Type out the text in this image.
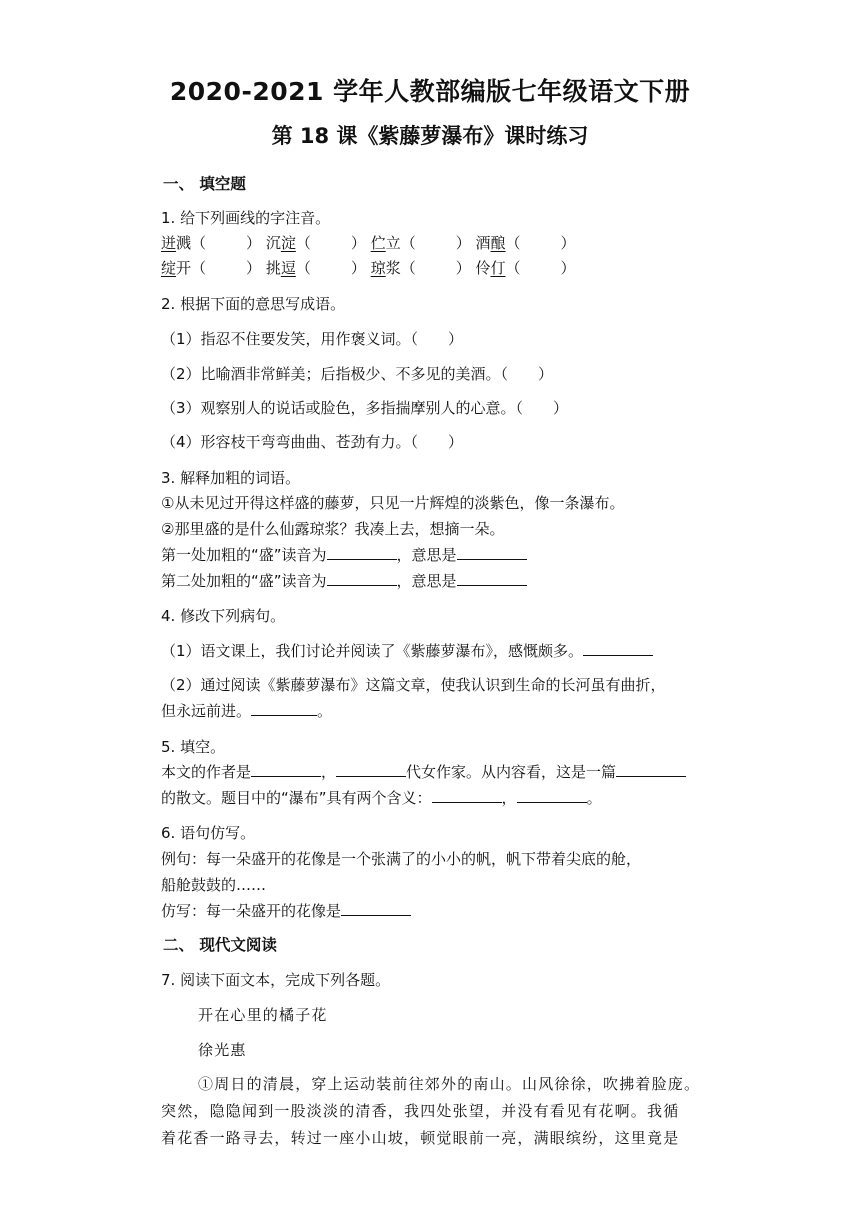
2020-2021 学年人教部编版七年级语文下册
第 18 课《紫藤萝瀑布》课时练习
一、 填空题
1. 给下列画线的字注音。
迸溅（	） 沉淀（	） 伫立（	） 酒酿（	）
绽开（	） 挑逗（	） 琼浆（	） 伶仃（	）
2. 根据下面的意思写成语。
（1）指忍不住要发笑，用作褒义词。（　　）
（2）比喻酒非常鲜美；后指极少、不多见的美酒。（　　）
（3）观察别人的说话或脸色，多指揣摩别人的心意。（　　）
（4）形容枝干弯弯曲曲、苍劲有力。（　　）
3. 解释加粗的词语。
①从未见过开得这样盛的藤萝，只见一片辉煌的淡紫色，像一条瀑布。
②那里盛的是什么仙露琼浆？我凑上去，想摘一朵。
第一处加粗的“盛”读音为	，意思是
第二处加粗的“盛”读音为	，意思是
4. 修改下列病句。
（1）语文课上，我们讨论并阅读了《紫藤萝瀑布》，感慨颇多。
（2）通过阅读《紫藤萝瀑布》这篇文章，使我认识到生命的长河虽有曲折，
但永远前进。	。
5. 填空。
本文的作者是	，	代女作家。从内容看，这是一篇
的散文。题目中的“瀑布”具有两个含义：	，	。
6. 语句仿写。
例句：每一朵盛开的花像是一个张满了的小小的帆，帆下带着尖底的舱，
船舱鼓鼓的……
仿写：每一朵盛开的花像是
二、 现代文阅读
7. 阅读下面文本，完成下列各题。
开在心里的橘子花
徐光惠
①周日的清晨，穿上运动装前往郊外的南山。山风徐徐，吹拂着脸庞。
突然，隐隐闻到一股淡淡的清香，我四处张望，并没有看见有花啊。我循
着花香一路寻去，转过一座小山坡，顿觉眼前一亮，满眼缤纷，这里竟是
